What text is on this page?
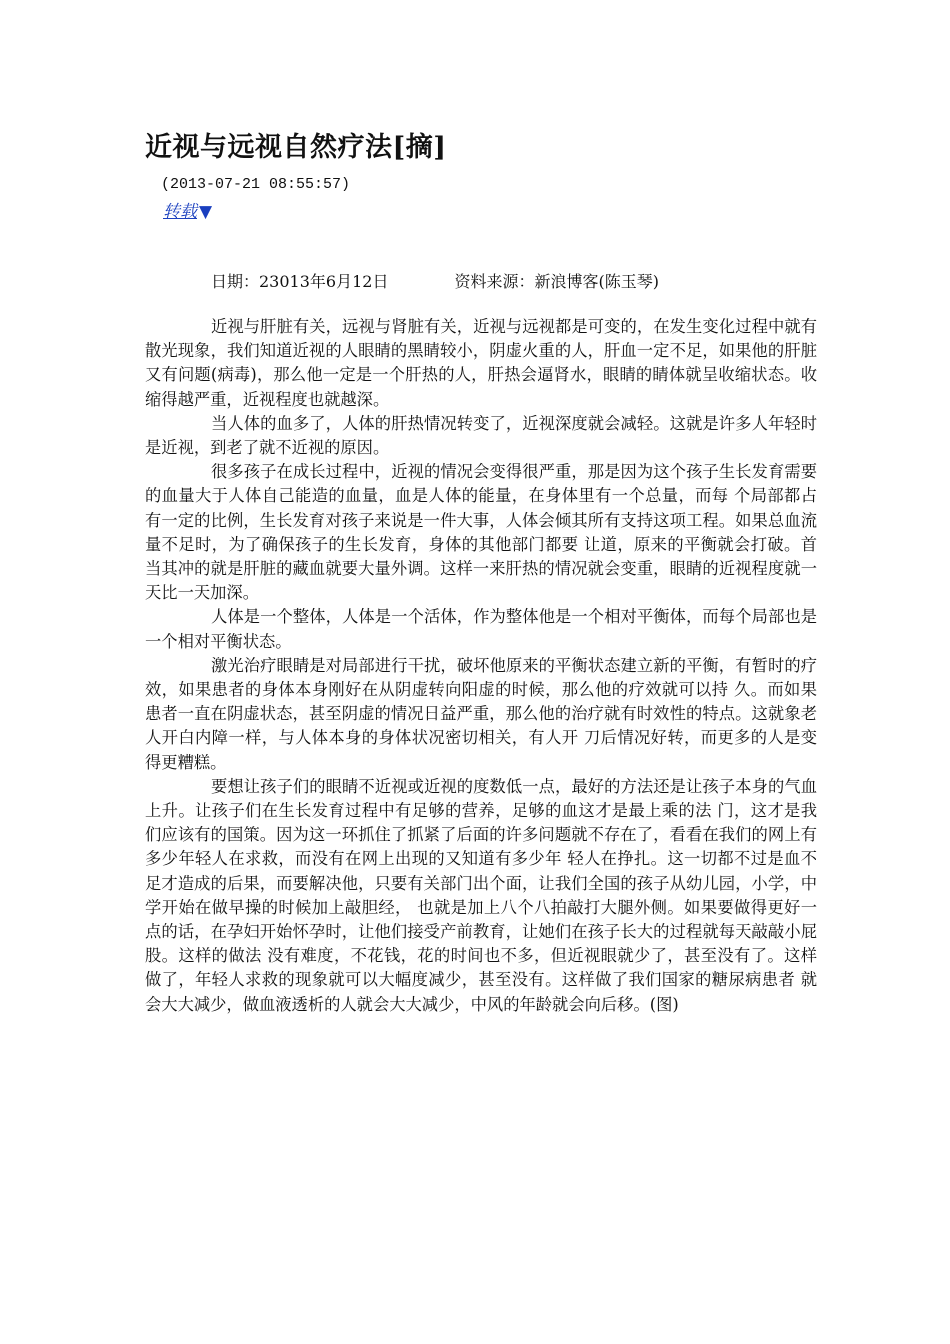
近视与远视自然疗法[摘]
(2013-07-21 08:55:57)
转载 ▼
日期：23013年6月12日	资料来源：新浪博客(陈玉琴)

近视与肝脏有关，远视与肾脏有关，近视与远视都是可变的，在发生变化过程中就有散光现象，我们知道近视的人眼睛的黑睛较小，阴虚火重的人，肝血一定不足，如果他的肝脏又有问题(病毒)，那么他一定是一个肝热的人，肝热会逼肾水，眼睛的睛体就呈收缩状态。收缩得越严重，近视程度也就越深。

当人体的血多了，人体的肝热情况转变了，近视深度就会减轻。这就是许多人年轻时是近视，到老了就不近视的原因。

很多孩子在成长过程中，近视的情况会变得很严重，那是因为这个孩子生长发育需要的血量大于人体自己能造的血量，血是人体的能量，在身体里有一个总量，而每 个局部都占有一定的比例，生长发育对孩子来说是一件大事，人体会倾其所有支持这项工程。如果总血流量不足时，为了确保孩子的生长发育，身体的其他部门都要 让道，原来的平衡就会打破。首当其冲的就是肝脏的藏血就要大量外调。这样一来肝热的情况就会变重，眼睛的近视程度就一天比一天加深。

人体是一个整体，人体是一个活体，作为整体他是一个相对平衡体，而每个局部也是一个相对平衡状态。

激光治疗眼睛是对局部进行干扰，破坏他原来的平衡状态建立新的平衡，有暂时的疗效，如果患者的身体本身刚好在从阴虚转向阳虚的时候，那么他的疗效就可以持 久。而如果患者一直在阴虚状态，甚至阴虚的情况日益严重，那么他的治疗就有时效性的特点。这就象老人开白内障一样，与人体本身的身体状况密切相关，有人开 刀后情况好转，而更多的人是变得更糟糕。

要想让孩子们的眼睛不近视或近视的度数低一点，最好的方法还是让孩子本身的气血上升。让孩子们在生长发育过程中有足够的营养，足够的血这才是最上乘的法 门，这才是我们应该有的国策。因为这一环抓住了抓紧了后面的许多问题就不存在了，看看在我们的网上有多少年轻人在求救，而没有在网上出现的又知道有多少年 轻人在挣扎。这一切都不过是血不足才造成的后果，而要解决他，只要有关部门出个面，让我们全国的孩子从幼儿园，小学，中学开始在做早操的时候加上敲胆经， 也就是加上八个八拍敲打大腿外侧。如果要做得更好一点的话，在孕妇开始怀孕时，让他们接受产前教育，让她们在孩子长大的过程就每天敲敲小屁股。这样的做法 没有难度，不花钱，花的时间也不多，但近视眼就少了，甚至没有了。这样做了，年轻人求救的现象就可以大幅度减少，甚至没有。这样做了我们国家的糖尿病患者 就会大大减少，做血液透析的人就会大大减少，中风的年龄就会向后移。(图)
